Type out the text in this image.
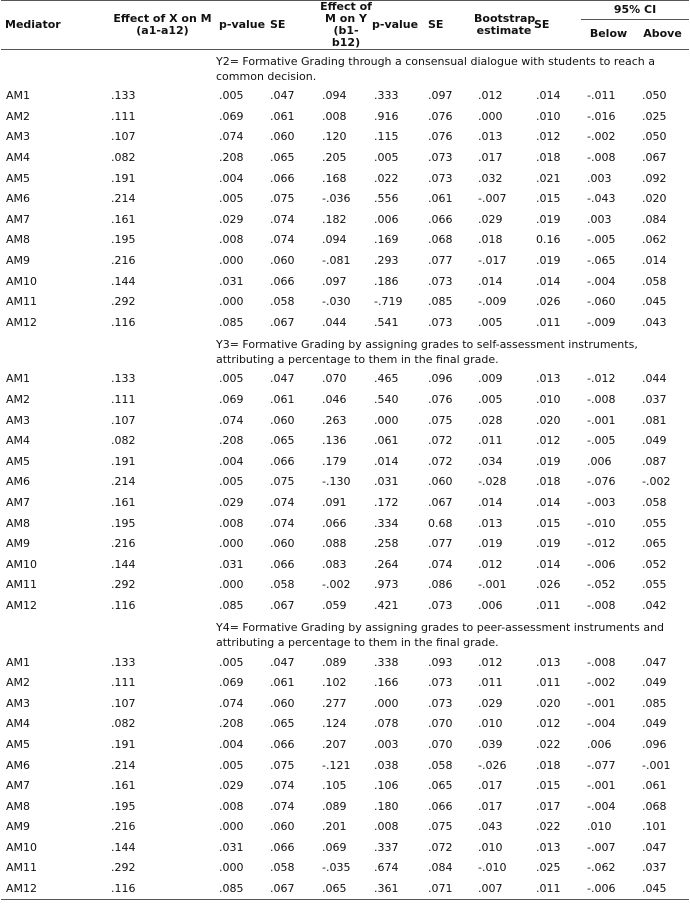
Mediator	Effect of X on M (a1-a12)	p-value	SE	Effect of M on Y (b1- b12)	p-value	SE	Bootstrap estimate	SE	95% CI	
									Below	Above
		Y2= Formative Grading through a consensual dialogue with students to reach a common decision.								
AM1	.133	.005	.047	.094	.333	.097	.012	.014	-.011	.050
AM2	.111	.069	.061	.008	.916	.076	.000	.010	-.016	.025
AM3	.107	.074	.060	.120	.115	.076	.013	.012	-.002	.050
AM4	.082	.208	.065	.205	.005	.073	.017	.018	-.008	.067
AM5	.191	.004	.066	.168	.022	.073	.032	.021	.003	.092
AM6	.214	.005	.075	-.036	.556	.061	-.007	.015	-.043	.020
AM7	.161	.029	.074	.182	.006	.066	.029	.019	.003	.084
AM8	.195	.008	.074	.094	.169	.068	.018	0.16	-.005	.062
AM9	.216	.000	.060	-.081	.293	.077	-.017	.019	-.065	.014
AM10	.144	.031	.066	.097	.186	.073	.014	.014	-.004	.058
AM11	.292	.000	.058	-.030	-.719	.085	-.009	.026	-.060	.045
AM12	.116	.085	.067	.044	.541	.073	.005	.011	-.009	.043
		Y3= Formative Grading by assigning grades to self-assessment instruments, attributing a percentage to them in the final grade.								
AM1	.133	.005	.047	.070	.465	.096	.009	.013	-.012	.044
AM2	.111	.069	.061	.046	.540	.076	.005	.010	-.008	.037
AM3	.107	.074	.060	.263	.000	.075	.028	.020	-.001	.081
AM4	.082	.208	.065	.136	.061	.072	.011	.012	-.005	.049
AM5	.191	.004	.066	.179	.014	.072	.034	.019	.006	.087
AM6	.214	.005	.075	-.130	.031	.060	-.028	.018	-.076	-.002
AM7	.161	.029	.074	.091	.172	.067	.014	.014	-.003	.058
AM8	.195	.008	.074	.066	.334	0.68	.013	.015	-.010	.055
AM9	.216	.000	.060	.088	.258	.077	.019	.019	-.012	.065
AM10	.144	.031	.066	.083	.264	.074	.012	.014	-.006	.052
AM11	.292	.000	.058	-.002	.973	.086	-.001	.026	-.052	.055
AM12	.116	.085	.067	.059	.421	.073	.006	.011	-.008	.042
		Y4= Formative Grading by assigning grades to peer-assessment instruments and attributing a percentage to them in the final grade.								
AM1	.133	.005	.047	.089	.338	.093	.012	.013	-.008	.047
AM2	.111	.069	.061	.102	.166	.073	.011	.011	-.002	.049
AM3	.107	.074	.060	.277	.000	.073	.029	.020	-.001	.085
AM4	.082	.208	.065	.124	.078	.070	.010	.012	-.004	.049
AM5	.191	.004	.066	.207	.003	.070	.039	.022	.006	.096
AM6	.214	.005	.075	-.121	.038	.058	-.026	.018	-.077	-.001
AM7	.161	.029	.074	.105	.106	.065	.017	.015	-.001	.061
AM8	.195	.008	.074	.089	.180	.066	.017	.017	-.004	.068
AM9	.216	.000	.060	.201	.008	.075	.043	.022	.010	.101
AM10	.144	.031	.066	.069	.337	.072	.010	.013	-.007	.047
AM11	.292	.000	.058	-.035	.674	.084	-.010	.025	-.062	.037
AM12	.116	.085	.067	.065	.361	.071	.007	.011	-.006	.045
